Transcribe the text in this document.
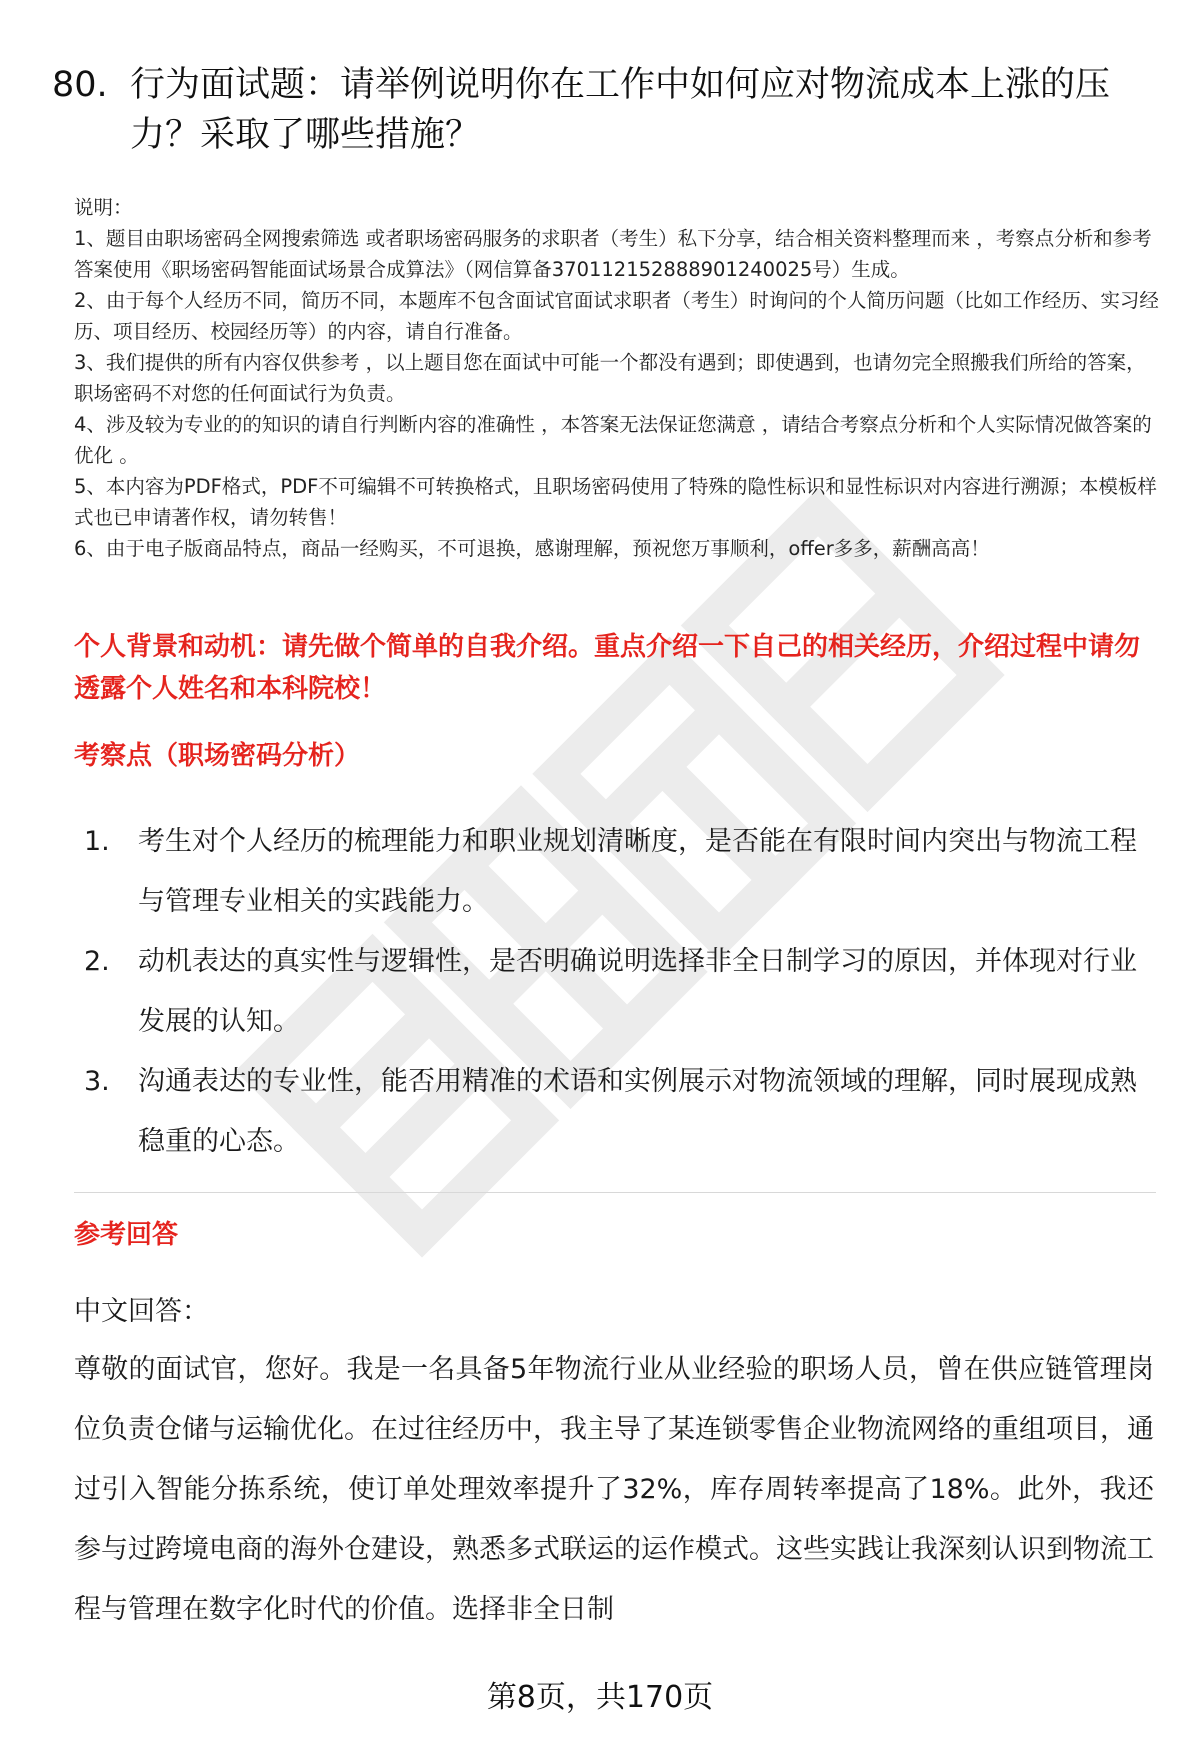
80. 行为面试题：请举例说明你在工作中如何应对物流成本上涨的压力？采取了哪些措施？

说明：

1、题目由职场密码全网搜索筛选 或者职场密码服务的求职者（考生）私下分享，结合相关资料整理而来 ，考察点分析和参考答案使用《职场密码智能面试场景合成算法》（网信算备370112152888901240025号）生成。

2、由于每个人经历不同，简历不同，本题库不包含面试官面试求职者（考生）时询问的个人简历问题（比如工作经历、实习经历、项目经历、校园经历等）的内容，请自行准备。

3、我们提供的所有内容仅供参考 ，以上题目您在面试中可能一个都没有遇到；即使遇到，也请勿完全照搬我们所给的答案，职场密码不对您的任何面试行为负责。

4、涉及较为专业的的知识的请自行判断内容的准确性 ，本答案无法保证您满意 ，请结合考察点分析和个人实际情况做答案的优化 。

5、本内容为PDF格式，PDF不可编辑不可转换格式，且职场密码使用了特殊的隐性标识和显性标识对内容进行溯源；本模板样式也已申请著作权，请勿转售！

6、由于电子版商品特点，商品一经购买，不可退换，感谢理解，预祝您万事顺利，offer多多，薪酬高高！

个人背景和动机：请先做个简单的自我介绍。重点介绍一下自己的相关经历，介绍过程中请勿透露个人姓名和本科院校！
考察点（职场密码分析）
1.	考生对个人经历的梳理能力和职业规划清晰度，是否能在有限时间内突出与物流工程与管理专业相关的实践能力。
2.	动机表达的真实性与逻辑性，是否明确说明选择非全日制学习的原因，并体现对行业发展的认知。
3.	沟通表达的专业性，能否用精准的术语和实例展示对物流领域的理解，同时展现成熟稳重的心态。
参考回答
中文回答：

尊敬的面试官，您好。我是一名具备5年物流行业从业经验的职场人员，曾在供应链管理岗位负责仓储与运输优化。在过往经历中，我主导了某连锁零售企业物流网络的重组项目，通过引入智能分拣系统，使订单处理效率提升了32%，库存周转率提高了18%。此外，我还参与过跨境电商的海外仓建设，熟悉多式联运的运作模式。这些实践让我深刻认识到物流工程与管理在数字化时代的价值。选择非全日制

第8页，共170页
